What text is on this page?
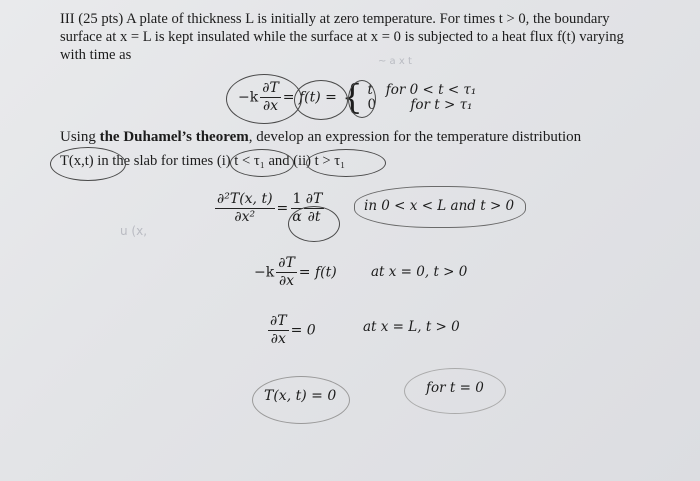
III (25 pts) A plate of thickness L is initially at zero temperature. For times t > 0, the boundary
surface at x = L is kept insulated while the surface at x = 0 is subjected to a heat flux f(t) varying
with time as	~ a x t
$-k \frac{\partial T}{\partial x} = f(t)$ = { t for 0 < t < τ₁
0	for t > τ₁
Using the Duhamel’s theorem, develop an expression for the temperature distribution
T(x,t) in the slab for times (i) t < τ₁ and (ii) t > τ₁
u (x,
$\frac{\text{∂²T(x, t)}}{\text{∂x²}} = \frac{1}{\alpha} \frac{\partial T}{\partial t}$	in 0 < x < L and t > 0
$-k \frac{\partial T}{\partial x} = f(t)$	at x = 0, t > 0
$\frac{\partial T}{\partial x} = 0$	at x = L, t > 0
T(x, t) = 0	for t = 0
